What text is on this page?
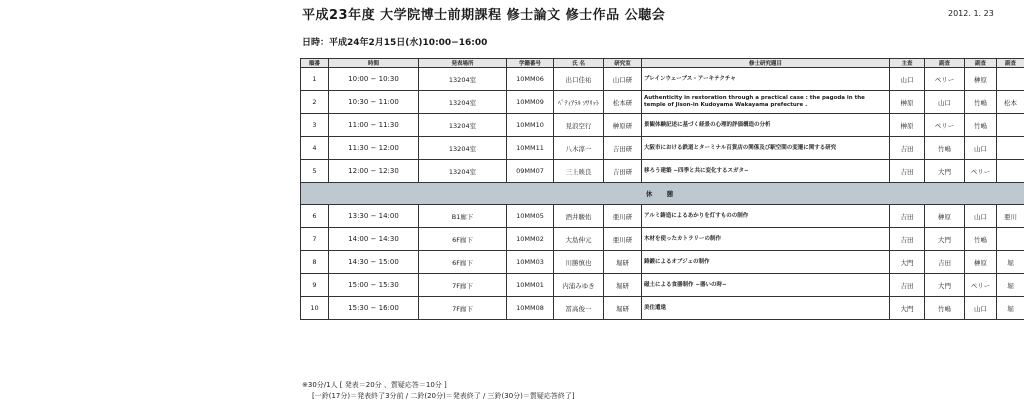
平成23年度 大学院博士前期課程 修士論文 修士作品 公聴会	2012. 1. 23
日時：平成24年2月15日(水)10:00−16:00
順番	時間	発表場所	学籍番号	氏 名	研究室	修士研究題目	主査	副査	副査	副査
1	10:00 − 10:30	13204室	10MM06	出口佳祐	山口研	ブレインウェーブス・アーキテクチャ	山口	ペリー	榊原	
2	10:30 − 11:00	13204室	10MM09	ﾍﾟﾃｨｱﾗﾙ ｿﾜﾘｯﾄ	松本研	Authenticity in restoration through a practical case : the pagoda in the temple of Jison-in Kudoyama Wakayama prefecture .	榊原	山口	竹嶋	松本
3	11:00 − 11:30	13204室	10MM10	見浪空行	榊原研	景観体験記述に基づく経景の心理的評価構造の分析	榊原	ペリー	竹嶋	
4	11:30 − 12:00	13204室	10MM11	八木淳一	吉田研	大阪市における鉄道とターミナル百貨店の関係及び駅空間の変遷に関する研究	吉田	竹嶋	山口	
5	12:00 − 12:30	13204室	09MM07	三上映良	吉田研	移ろう建築 −四季と共に変化するスガタ−	吉田	大門	ペリー	
休 憩										
6	13:30 − 14:00	B1廊下	10MM05	酒井駿佑	亜川研	アルミ鋳造によるあかりを灯すものの制作	吉田	榊原	山口	亜川
7	14:00 − 14:30	6F廊下	10MM02	大島伸元	亜川研	木材を使ったカトラリーの制作	吉田	大門	竹嶋	
8	14:30 − 15:00	6F廊下	10MM03	川勝慎也	堀研	鋳鍛によるオブジェの制作	大門	吉田	榊原	堀
9	15:00 − 15:30	7F廊下	10MM01	内浦みゆき	堀研	磁土による食器制作 −器いの時−	吉田	大門	ペリー	堀
10	15:30 − 16:00	7F廊下	10MM08	冨高俊一	堀研	美住遺遠	大門	竹嶋	山口	堀
※30分/1人 [ 発表＝20分 、質疑応答＝10分 ]
[一鈴(17分)＝発表終了3分前 / 二鈴(20分)＝発表終了 / 三鈴(30分)＝質疑応答終了]
